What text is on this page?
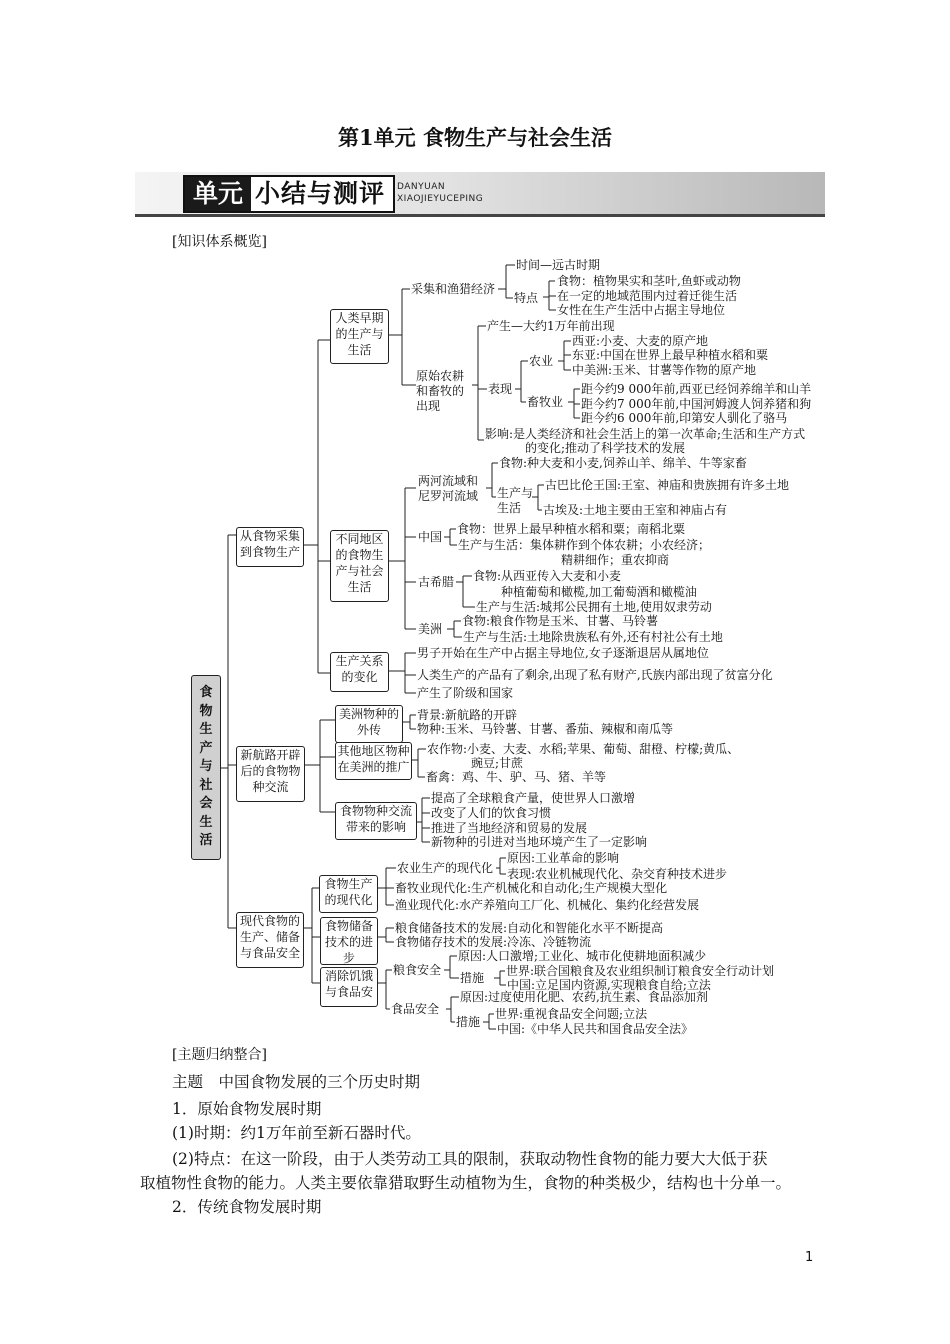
第1单元 食物生产与社会生活
单元 小结与测评 DANYUAN
XIAOJIEYUCEPING
[知识体系概览]
食物生产与社会生活
人类早期的生产与生活
从食物采集到食物生产
不同地区的食物生产与社会生活
生产关系的变化
新航路开辟后的食物物种交流
美洲物种的外传
其他地区物种在美洲的推广
食物物种交流带来的影响
现代食物的生产、储备与食品安全
食物生产的现代化
食物储备技术的进步
消除饥饿与食品安
采集和渔猎经济
时间—远古时期
特点
食物：植物果实和茎叶,鱼虾或动物
在一定的地域范围内过着迁徙生活
女性在生产生活中占据主导地位
原始农耕和畜牧的出现
产生—大约1万年前出现
表现
农业
西亚:小麦、大麦的原产地
东亚:中国在世界上最早种植水稻和粟
中美洲:玉米、甘薯等作物的原产地
畜牧业
距今约9 000年前,西亚已经饲养绵羊和山羊
距今约7 000年前,中国河姆渡人饲养猪和狗
距今约6 000年前,印第安人驯化了骆马
影响:是人类经济和社会生活上的第一次革命;生活和生产方式
的变化;推动了科学技术的发展
两河流域和尼罗河流域
食物:种大麦和小麦,饲养山羊、绵羊、牛等家畜
生产与生活
古巴比伦王国:王室、神庙和贵族拥有许多土地
古埃及:土地主要由王室和神庙占有
中国
食物：世界上最早种植水稻和粟；南稻北粟
生产与生活：集体耕作到个体农耕；小农经济；
精耕细作；重农抑商
古希腊 食物:从西亚传入大麦和小麦
种植葡萄和橄榄,加工葡萄酒和橄榄油
生产与生活:城邦公民拥有土地,使用奴隶劳动
美洲
食物:粮食作物是玉米、甘薯、马铃薯
生产与生活:土地除贵族私有外,还有村社公有土地
男子开始在生产中占据主导地位,女子逐渐退居从属地位
人类生产的产品有了剩余,出现了私有财产,氏族内部出现了贫富分化
产生了阶级和国家
背景:新航路的开辟
物种:玉米、马铃薯、甘薯、番茄、辣椒和南瓜等
农作物:小麦、大麦、水稻;苹果、葡萄、甜橙、柠檬;黄瓜、
豌豆;甘蔗
畜禽：鸡、牛、驴、马、猪、羊等
提高了全球粮食产量，使世界人口激增
改变了人们的饮食习惯
推进了当地经济和贸易的发展
新物种的引进对当地环境产生了一定影响
农业生产的现代化
原因:工业革命的影响
表现:农业机械现代化、杂交育种技术进步
畜牧业现代化:生产机械化和自动化;生产规模大型化
渔业现代化:水产养殖向工厂化、机械化、集约化经营发展
粮食储备技术的发展:自动化和智能化水平不断提高
食物储存技术的发展:冷冻、冷链物流
粮食安全
原因:人口激增;工业化、城市化使耕地面积减少
措施 世界:联合国粮食及农业组织制订粮食安全行动计划
中国:立足国内资源,实现粮食自给;立法
食品安全
原因:过度使用化肥、农药,抗生素、食品添加剂
措施
世界:重视食品安全问题;立法
中国:《中华人民共和国食品安全法》
[主题归纳整合]
主题　中国食物发展的三个历史时期
1．原始食物发展时期
(1)时期：约1万年前至新石器时代。
(2)特点：在这一阶段，由于人类劳动工具的限制，获取动物性食物的能力要大大低于获
取植物性食物的能力。人类主要依靠猎取野生动植物为生，食物的种类极少，结构也十分单一。
2．传统食物发展时期
1
